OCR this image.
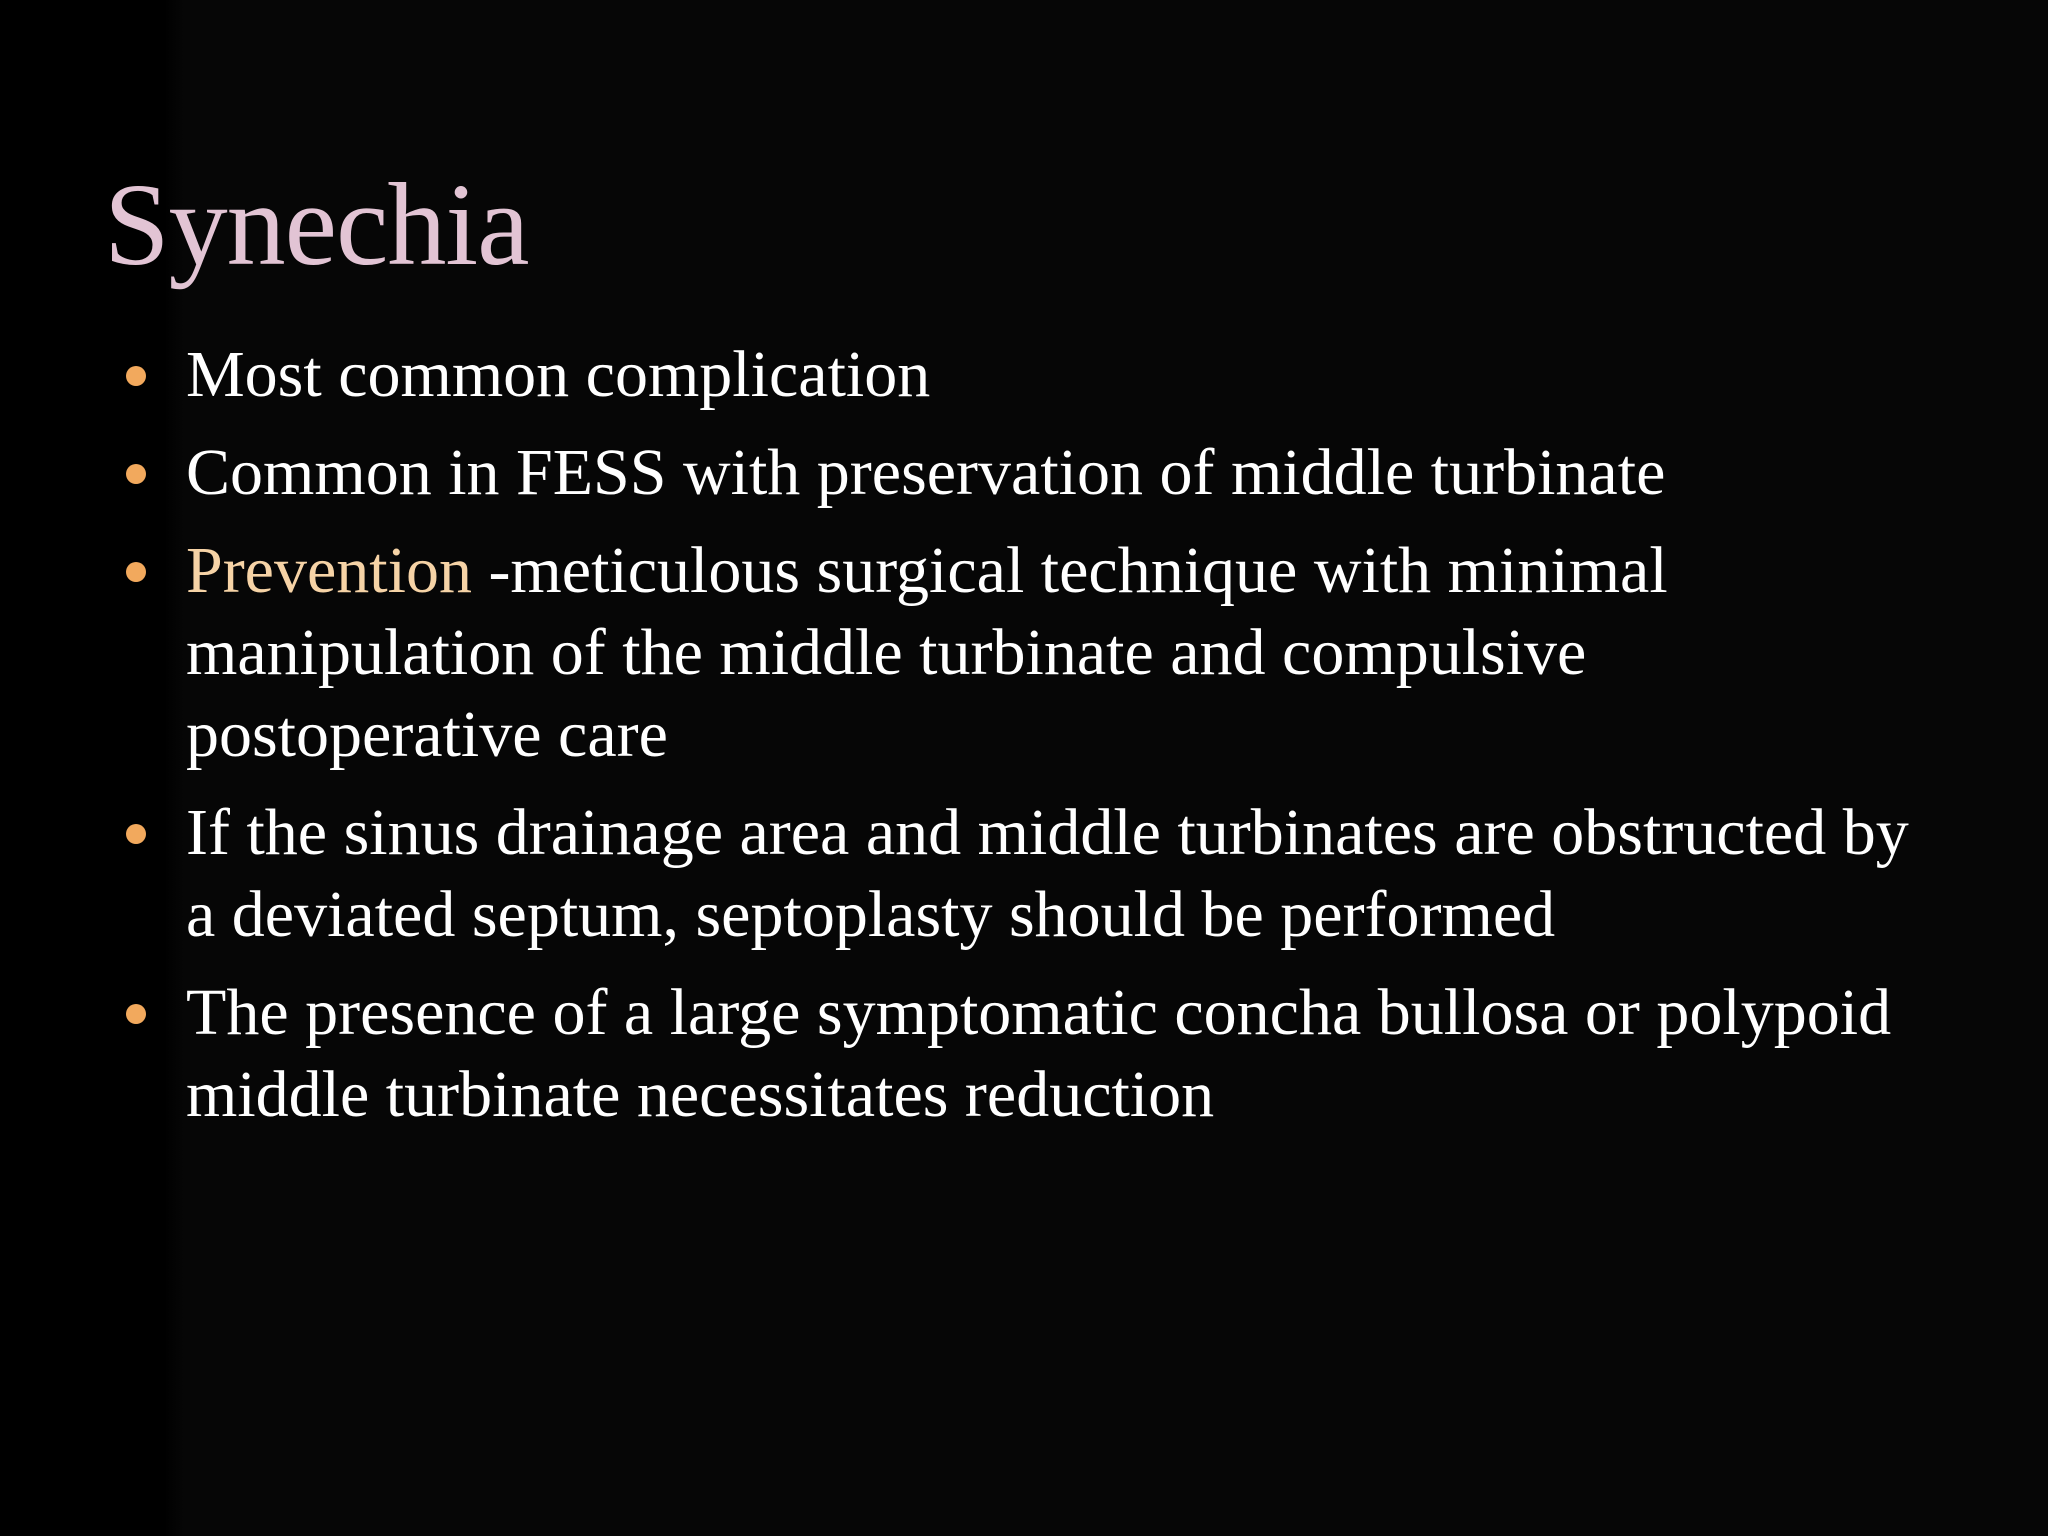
Synechia
Most common complication
Common in FESS with preservation of middle turbinate
Prevention -meticulous surgical technique with minimal manipulation of the middle turbinate and compulsive postoperative care
If the sinus drainage area and middle turbinates are obstructed by a deviated septum, septoplasty should be performed
The presence of a large symptomatic concha bullosa or polypoid middle turbinate necessitates reduction
